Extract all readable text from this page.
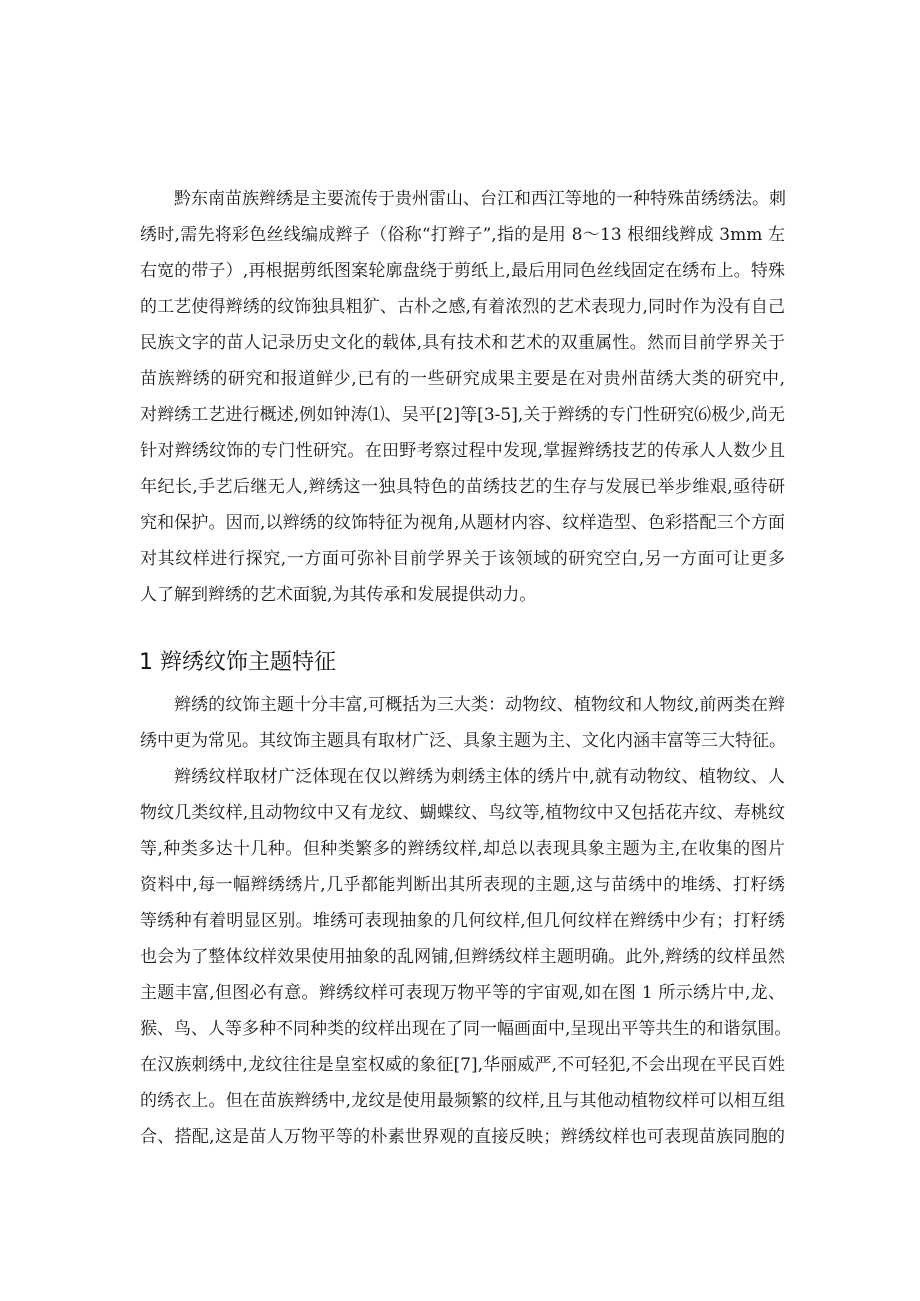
黔东南苗族辫绣是主要流传于贵州雷山、台江和西江等地的一种特殊苗绣绣法。刺
绣时,需先将彩色丝线编成辫子（俗称“打辫子”,指的是用 8～13 根细线辫成 3mm 左
右宽的带子）,再根据剪纸图案轮廓盘绕于剪纸上,最后用同色丝线固定在绣布上。特殊
的工艺使得辫绣的纹饰独具粗犷、古朴之感,有着浓烈的艺术表现力,同时作为没有自己
民族文字的苗人记录历史文化的载体,具有技术和艺术的双重属性。然而目前学界关于
苗族辫绣的研究和报道鲜少,已有的一些研究成果主要是在对贵州苗绣大类的研究中,
对辫绣工艺进行概述,例如钟涛⑴、吴平[2]等[3-5],关于辫绣的专门性研究⑹极少,尚无
针对辫绣纹饰的专门性研究。在田野考察过程中发现,掌握辫绣技艺的传承人人数少且
年纪长,手艺后继无人,辫绣这一独具特色的苗绣技艺的生存与发展已举步维艰,亟待研
究和保护。因而,以辫绣的纹饰特征为视角,从题材内容、纹样造型、色彩搭配三个方面
对其纹样进行探究,一方面可弥补目前学界关于该领域的研究空白,另一方面可让更多
人了解到辫绣的艺术面貌,为其传承和发展提供动力。
1 辫绣纹饰主题特征
辫绣的纹饰主题十分丰富,可概括为三大类：动物纹、植物纹和人物纹,前两类在辫
绣中更为常见。其纹饰主题具有取材广泛、具象主题为主、文化内涵丰富等三大特征。
辫绣纹样取材广泛体现在仅以辫绣为刺绣主体的绣片中,就有动物纹、植物纹、人
物纹几类纹样,且动物纹中又有龙纹、蝴蝶纹、鸟纹等,植物纹中又包括花卉纹、寿桃纹
等,种类多达十几种。但种类繁多的辫绣纹样,却总以表现具象主题为主,在收集的图片
资料中,每一幅辫绣绣片,几乎都能判断出其所表现的主题,这与苗绣中的堆绣、打籽绣
等绣种有着明显区别。堆绣可表现抽象的几何纹样,但几何纹样在辫绣中少有；打籽绣
也会为了整体纹样效果使用抽象的乱网铺,但辫绣纹样主题明确。此外,辫绣的纹样虽然
主题丰富,但图必有意。辫绣纹样可表现万物平等的宇宙观,如在图 1 所示绣片中,龙、
猴、鸟、人等多种不同种类的纹样出现在了同一幅画面中,呈现出平等共生的和谐氛围。
在汉族刺绣中,龙纹往往是皇室权威的象征[7],华丽威严,不可轻犯,不会出现在平民百姓
的绣衣上。但在苗族辫绣中,龙纹是使用最频繁的纹样,且与其他动植物纹样可以相互组
合、搭配,这是苗人万物平等的朴素世界观的直接反映；辫绣纹样也可表现苗族同胞的
